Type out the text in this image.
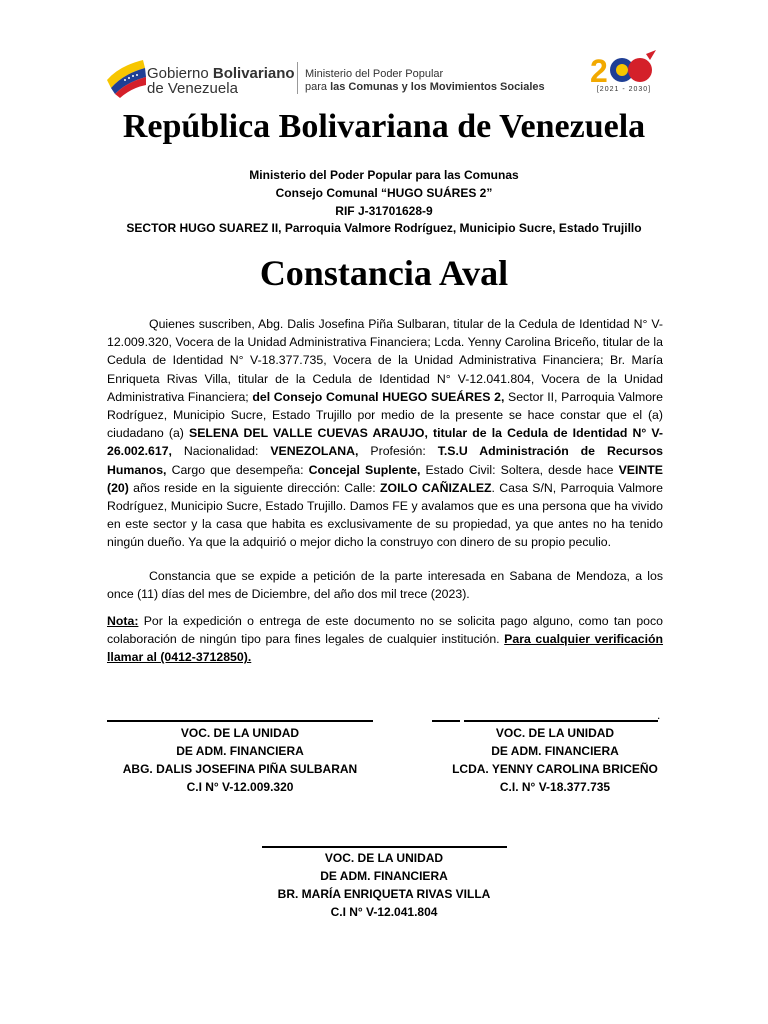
Gobierno Bolivariano
de Venezuela
Ministerio del Poder Popular
para las Comunas y los Movimientos Sociales 2
[2021 - 2030]
República Bolivariana de Venezuela
Ministerio del Poder Popular para las Comunas
Consejo Comunal “HUGO SUÁRES 2”
RIF J-31701628-9
SECTOR HUGO SUAREZ II, Parroquia Valmore Rodríguez, Municipio Sucre, Estado Trujillo
Constancia Aval
Quienes suscriben, Abg. Dalis Josefina Piña Sulbaran, titular de la Cedula de Identidad N° V-12.009.320, Vocera de la Unidad Administrativa Financiera; Lcda. Yenny Carolina Briceño, titular de la Cedula de Identidad N° V-18.377.735, Vocera de la Unidad Administrativa Financiera; Br. María Enriqueta Rivas Villa, titular de la Cedula de Identidad N° V-12.041.804, Vocera de la Unidad Administrativa Financiera; del Consejo Comunal HUEGO SUEÁRES 2, Sector II, Parroquia Valmore Rodríguez, Municipio Sucre, Estado Trujillo por medio de la presente se hace constar que el (a) ciudadano (a) SELENA DEL VALLE CUEVAS ARAUJO, titular de la Cedula de Identidad N° V-26.002.617, Nacionalidad: VENEZOLANA, Profesión: T.S.U Administración de Recursos Humanos, Cargo que desempeña: Concejal Suplente, Estado Civil: Soltera, desde hace VEINTE (20) años reside en la siguiente dirección: Calle: ZOILO CAÑIZALEZ. Casa S/N, Parroquia Valmore Rodríguez, Municipio Sucre, Estado Trujillo. Damos FE y avalamos que es una persona que ha vivido en este sector y la casa que habita es exclusivamente de su propiedad, ya que antes no ha tenido ningún dueño. Ya que la adquirió o mejor dicho la construyo con dinero de su propio peculio.
Constancia que se expide a petición de la parte interesada en Sabana de Mendoza, a los once (11) días del mes de Diciembre, del año dos mil trece (2023).
Nota: Por la expedición o entrega de este documento no se solicita pago alguno, como tan poco colaboración de ningún tipo para fines legales de cualquier institución. Para cualquier verificación llamar al (0412-3712850).
VOC. DE LA UNIDAD
DE ADM. FINANCIERA
ABG. DALIS JOSEFINA PIÑA SULBARAN
C.I N° V-12.009.320
.
VOC. DE LA UNIDAD
DE ADM. FINANCIERA
LCDA. YENNY CAROLINA BRICEÑO
C.I. N° V-18.377.735
VOC. DE LA UNIDAD
DE ADM. FINANCIERA
BR. MARÍA ENRIQUETA RIVAS VILLA
C.I N° V-12.041.804
